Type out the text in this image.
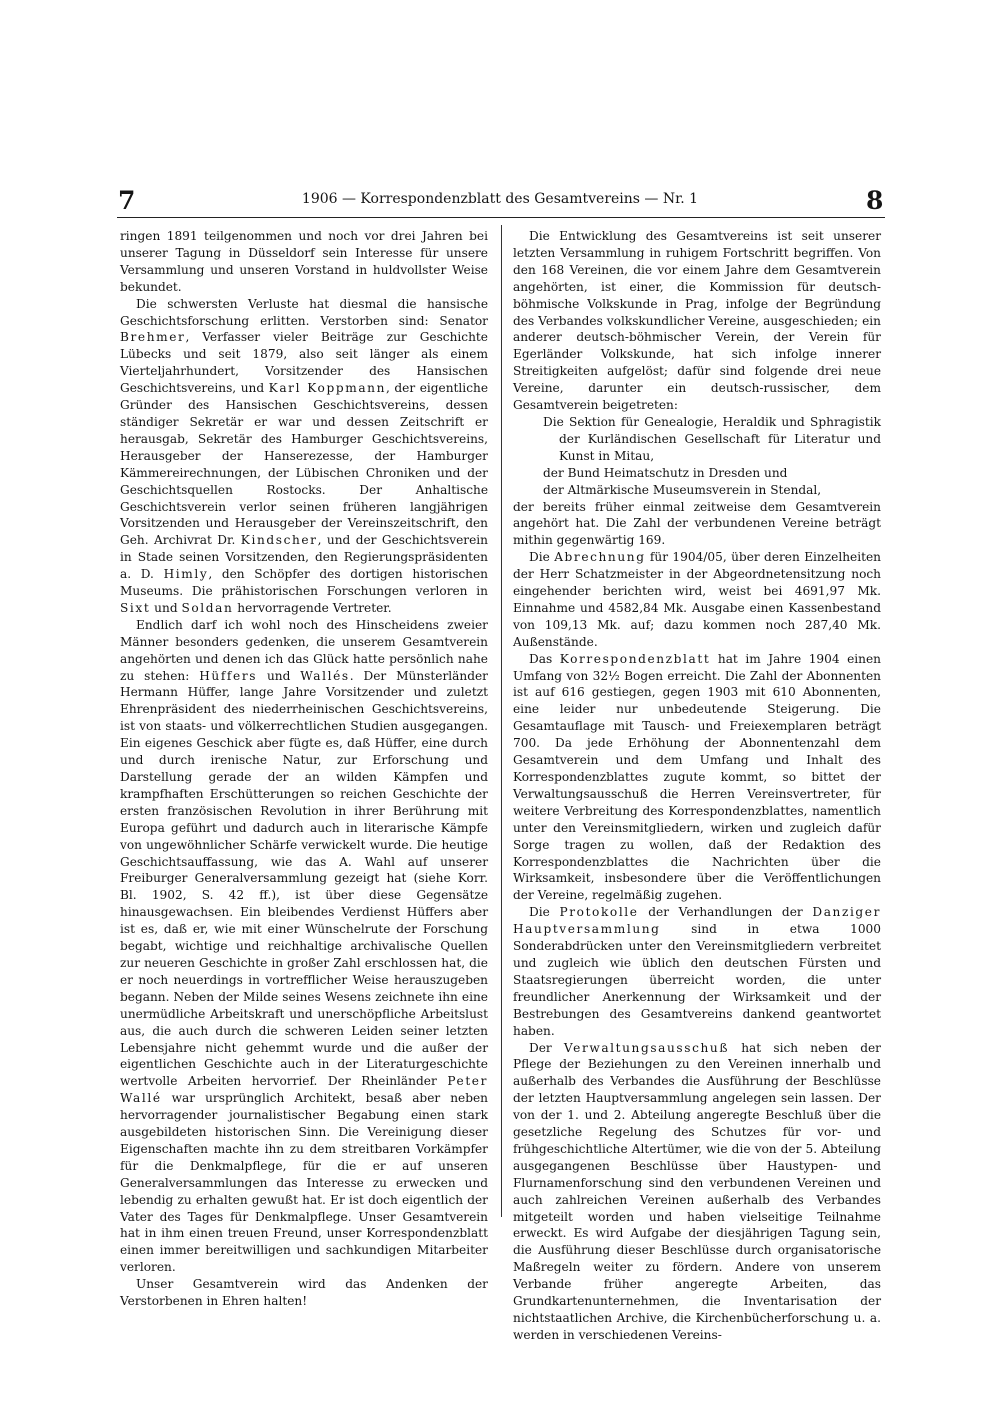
7	1906 — Korrespondenzblatt des Gesamtvereins — Nr. 1	8

ringen 1891 teilgenommen und noch vor drei Jahren bei unserer Tagung in Düsseldorf sein Interesse für unsere Versammlung und unseren Vorstand in huldvollster Weise bekundet.

Die schwersten Verluste hat diesmal die hansische Geschichtsforschung erlitten. Verstorben sind: Senator Brehmer, Verfasser vieler Beiträge zur Geschichte Lübecks und seit 1879, also seit länger als einem Vierteljahrhundert, Vorsitzender des Hansischen Geschichtsvereins, und Karl Koppmann, der eigentliche Gründer des Hansischen Geschichtsvereins, dessen ständiger Sekretär er war und dessen Zeitschrift er herausgab, Sekretär des Hamburger Geschichtsvereins, Herausgeber der Hanserezesse, der Hamburger Kämmereirechnungen, der Lübischen Chroniken und der Geschichtsquellen Rostocks. Der Anhaltische Geschichtsverein verlor seinen früheren langjährigen Vorsitzenden und Herausgeber der Vereinszeitschrift, den Geh. Archivrat Dr. Kindscher, und der Geschichtsverein in Stade seinen Vorsitzenden, den Regierungspräsidenten a. D. Himly, den Schöpfer des dortigen historischen Museums. Die prähistorischen Forschungen verloren in Sixt und Soldan hervorragende Vertreter.

Endlich darf ich wohl noch des Hinscheidens zweier Männer besonders gedenken, die unserem Gesamtverein angehörten und denen ich das Glück hatte persönlich nahe zu stehen: Hüffers und Wallés. Der Münsterländer Hermann Hüffer, lange Jahre Vorsitzender und zuletzt Ehrenpräsident des niederrheinischen Geschichtsvereins, ist von staats- und völkerrechtlichen Studien ausgegangen. Ein eigenes Geschick aber fügte es, daß Hüffer, eine durch und durch irenische Natur, zur Erforschung und Darstellung gerade der an wilden Kämpfen und krampfhaften Erschütterungen so reichen Geschichte der ersten französischen Revolution in ihrer Berührung mit Europa geführt und dadurch auch in literarische Kämpfe von ungewöhnlicher Schärfe verwickelt wurde. Die heutige Geschichtsauffassung, wie das A. Wahl auf unserer Freiburger Generalversammlung gezeigt hat (siehe Korr. Bl. 1902, S. 42 ff.), ist über diese Gegensätze hinausgewachsen. Ein bleibendes Verdienst Hüffers aber ist es, daß er, wie mit einer Wünschelrute der Forschung begabt, wichtige und reichhaltige archivalische Quellen zur neueren Geschichte in großer Zahl erschlossen hat, die er noch neuerdings in vortrefflicher Weise herauszugeben begann. Neben der Milde seines Wesens zeichnete ihn eine unermüdliche Arbeitskraft und unerschöpfliche Arbeitslust aus, die auch durch die schweren Leiden seiner letzten Lebensjahre nicht gehemmt wurde und die außer der eigentlichen Geschichte auch in der Literaturgeschichte wertvolle Arbeiten hervorrief. Der Rheinländer Peter Wallé war ursprünglich Architekt, besaß aber neben hervorragender journalistischer Begabung einen stark ausgebildeten historischen Sinn. Die Vereinigung dieser Eigenschaften machte ihn zu dem streitbaren Vorkämpfer für die Denkmalpflege, für die er auf unseren Generalversammlungen das Interesse zu erwecken und lebendig zu erhalten gewußt hat. Er ist doch eigentlich der Vater des Tages für Denkmalpflege. Unser Gesamtverein hat in ihm einen treuen Freund, unser Korrespondenzblatt einen immer bereitwilligen und sachkundigen Mitarbeiter verloren.

Unser Gesamtverein wird das Andenken der Verstorbenen in Ehren halten!

Die Entwicklung des Gesamtvereins ist seit unserer letzten Versammlung in ruhigem Fortschritt begriffen. Von den 168 Vereinen, die vor einem Jahre dem Gesamtverein angehörten, ist einer, die Kommission für deutsch-böhmische Volkskunde in Prag, infolge der Begründung des Verbandes volkskundlicher Vereine, ausgeschieden; ein anderer deutsch-böhmischer Verein, der Verein für Egerländer Volkskunde, hat sich infolge innerer Streitigkeiten aufgelöst; dafür sind folgende drei neue Vereine, darunter ein deutsch-russischer, dem Gesamtverein beigetreten:

Die Sektion für Genealogie, Heraldik und Sphragistik der Kurländischen Gesellschaft für Literatur und Kunst in Mitau,

der Bund Heimatschutz in Dresden und

der Altmärkische Museumsverein in Stendal,

der bereits früher einmal zeitweise dem Gesamtverein angehört hat. Die Zahl der verbundenen Vereine beträgt mithin gegenwärtig 169.

Die Abrechnung für 1904/05, über deren Einzelheiten der Herr Schatzmeister in der Abgeordnetensitzung noch eingehender berichten wird, weist bei 4691,97 Mk. Einnahme und 4582,84 Mk. Ausgabe einen Kassenbestand von 109,13 Mk. auf; dazu kommen noch 287,40 Mk. Außenstände.

Das Korrespondenzblatt hat im Jahre 1904 einen Umfang von 32½ Bogen erreicht. Die Zahl der Abonnenten ist auf 616 gestiegen, gegen 1903 mit 610 Abonnenten, eine leider nur unbedeutende Steigerung. Die Gesamtauflage mit Tausch- und Freiexemplaren beträgt 700. Da jede Erhöhung der Abonnentenzahl dem Gesamtverein und dem Umfang und Inhalt des Korrespondenzblattes zugute kommt, so bittet der Verwaltungsausschuß die Herren Vereinsvertreter, für weitere Verbreitung des Korrespondenzblattes, namentlich unter den Vereinsmitgliedern, wirken und zugleich dafür Sorge tragen zu wollen, daß der Redaktion des Korrespondenzblattes die Nachrichten über die Wirksamkeit, insbesondere über die Veröffentlichungen der Vereine, regelmäßig zugehen.

Die Protokolle der Verhandlungen der Danziger Hauptversammlung sind in etwa 1000 Sonderabdrücken unter den Vereinsmitgliedern verbreitet und zugleich wie üblich den deutschen Fürsten und Staatsregierungen überreicht worden, die unter freundlicher Anerkennung der Wirksamkeit und der Bestrebungen des Gesamtvereins dankend geantwortet haben.

Der Verwaltungsausschuß hat sich neben der Pflege der Beziehungen zu den Vereinen innerhalb und außerhalb des Verbandes die Ausführung der Beschlüsse der letzten Hauptversammlung angelegen sein lassen. Der von der 1. und 2. Abteilung angeregte Beschluß über die gesetzliche Regelung des Schutzes für vor- und frühgeschichtliche Altertümer, wie die von der 5. Abteilung ausgegangenen Beschlüsse über Haustypen- und Flurnamenforschung sind den verbundenen Vereinen und auch zahlreichen Vereinen außerhalb des Verbandes mitgeteilt worden und haben vielseitige Teilnahme erweckt. Es wird Aufgabe der diesjährigen Tagung sein, die Ausführung dieser Beschlüsse durch organisatorische Maßregeln weiter zu fördern. Andere von unserem Verbande früher angeregte Arbeiten, das Grundkartenunternehmen, die Inventarisation der nichtstaatlichen Archive, die Kirchenbücherforschung u. a. werden in verschiedenen Vereins-
